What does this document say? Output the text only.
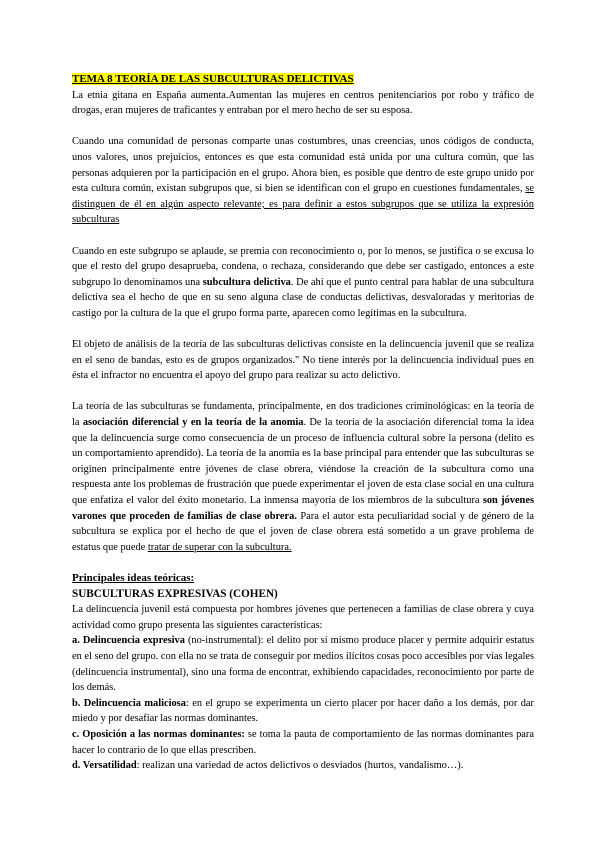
TEMA 8 TEORÍA DE LAS SUBCULTURAS DELICTIVAS

La etnia gitana en España aumenta.Aumentan las mujeres en centros penitenciarios por robo y tráfico de drogas, eran mujeres de traficantes y entraban por el mero hecho de ser su esposa.

Cuando una comunidad de personas comparte unas costumbres, unas creencias, unos códigos de conducta, unos valores, unos prejuicios, entonces es que esta comunidad está unida por una cultura común, que las personas adquieren por la participación en el grupo. Ahora bien, es posible que dentro de este grupo unido por esta cultura común, existan subgrupos que, si bien se identifican con el grupo en cuestiones fundamentales, se distinguen de él en algún aspecto relevante; es para definir a estos subgrupos que se utiliza la expresión subculturas

Cuando en este subgrupo se aplaude, se premia con reconocimiento o, por lo menos, se justifica o se excusa lo que el resto del grupo desaprueba, condena, o rechaza, considerando que debe ser castigado, entonces a este subgrupo lo denominamos una subcultura delictiva. De ahí que el punto central para hablar de una subcultura delictiva sea el hecho de que en su seno alguna clase de conductas delictivas, desvaloradas y meritorias de castigo por la cultura de la que el grupo forma parte, aparecen como legítimas en la subcultura.

El objeto de análisis de la teoría de las subculturas delictivas consiste en la delincuencia juvenil que se realiza en el seno de bandas, esto es de grupos organizados." No tiene interés por la delincuencia individual pues en ésta el infractor no encuentra el apoyo del grupo para realizar su acto delictivo.

La teoría de las subculturas se fundamenta, principalmente, en dos tradiciones criminológicas: en la teoría de la asociación diferencial y en la teoría de la anomia. De la teoría de la asociación diferencial toma la idea que la delincuencia surge como consecuencia de un proceso de influencia cultural sobre la persona (delito es un comportamiento aprendido). La teoría de la anomia es la base principal para entender que las subculturas se originen principalmente entre jóvenes de clase obrera, viéndose la creación de la subcultura como una respuesta ante los problemas de frustración que puede experimentar el joven de esta clase social en una cultura que enfatiza el valor del éxito monetario. La inmensa mayoría de los miembros de la subcultura son jóvenes varones que proceden de familias de clase obrera. Para el autor esta peculiaridad social y de género de la subcultura se explica por el hecho de que el joven de clase obrera está sometido a un grave problema de estatus que puede tratar de superar con la subcultura.

Principales ideas teóricas:

SUBCULTURAS EXPRESIVAS (COHEN)

La delincuencia juvenil está compuesta por hombres jóvenes que pertenecen a familias de clase obrera y cuya actividad como grupo presenta las siguientes características:

a. Delincuencia expresiva (no-instrumental): el delito por sí mismo produce placer y permite adquirir estatus en el seno del grupo. con ella no se trata de conseguir por medios ilícitos cosas poco accesibles por vías legales (delincuencia instrumental), sino una forma de encontrar, exhibiendo capacidades, reconocimiento por parte de los demás.

b. Delincuencia maliciosa: en el grupo se experimenta un cierto placer por hacer daño a los demás, por dar miedo y por desafiar las normas dominantes.

c. Oposición a las normas dominantes: se toma la pauta de comportamiento de las normas dominantes para hacer lo contrario de lo que ellas prescriben.

d. Versatilidad: realizan una variedad de actos delictivos o desviados (hurtos, vandalismo…).
